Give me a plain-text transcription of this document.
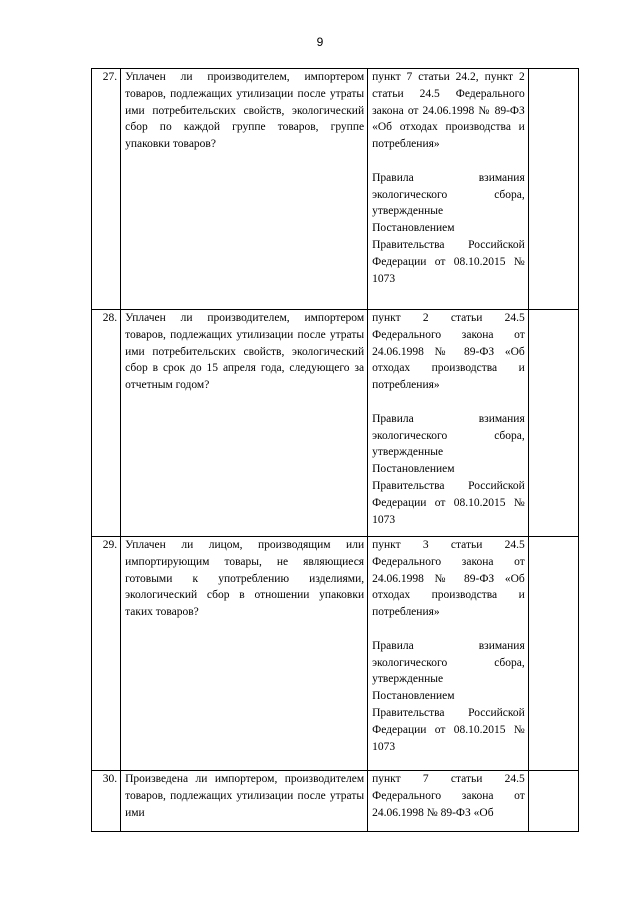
9
27.	Уплачен ли производителем, импортером товаров, подлежащих утилизации после утраты ими потребительских свойств, экологический сбор по каждой группе товаров, группе упаковки товаров?	пункт 7 статьи 24.2, пункт 2 статьи 24.5 Федерального закона от 24.06.1998 № 89-ФЗ «Об отходах производства и потребления»
Правила взимания экологического сбора, утвержденные Постановлением Правительства Российской Федерации от 08.10.2015 № 1073	

28.	Уплачен ли производителем, импортером товаров, подлежащих утилизации после утраты ими потребительских свойств, экологический сбор в срок до 15 апреля года, следующего за отчетным годом?	пункт 2 статьи 24.5 Федерального закона от 24.06.1998 № 89-ФЗ «Об отходах производства и потребления»
Правила взимания экологического сбора, утвержденные Постановлением Правительства Российской Федерации от 08.10.2015 № 1073	

29.	Уплачен ли лицом, производящим или импортирующим товары, не являющиеся готовыми к употреблению изделиями, экологический сбор в отношении упаковки таких товаров?	пункт 3 статьи 24.5 Федерального закона от 24.06.1998 № 89-ФЗ «Об отходах производства и потребления»
Правила взимания экологического сбора, утвержденные Постановлением Правительства Российской Федерации от 08.10.2015 № 1073	

30.	Произведена ли импортером, производителем товаров, подлежащих утилизации после утраты ими	пункт 7 статьи 24.5 Федерального закона от 24.06.1998 № 89-ФЗ «Об	
